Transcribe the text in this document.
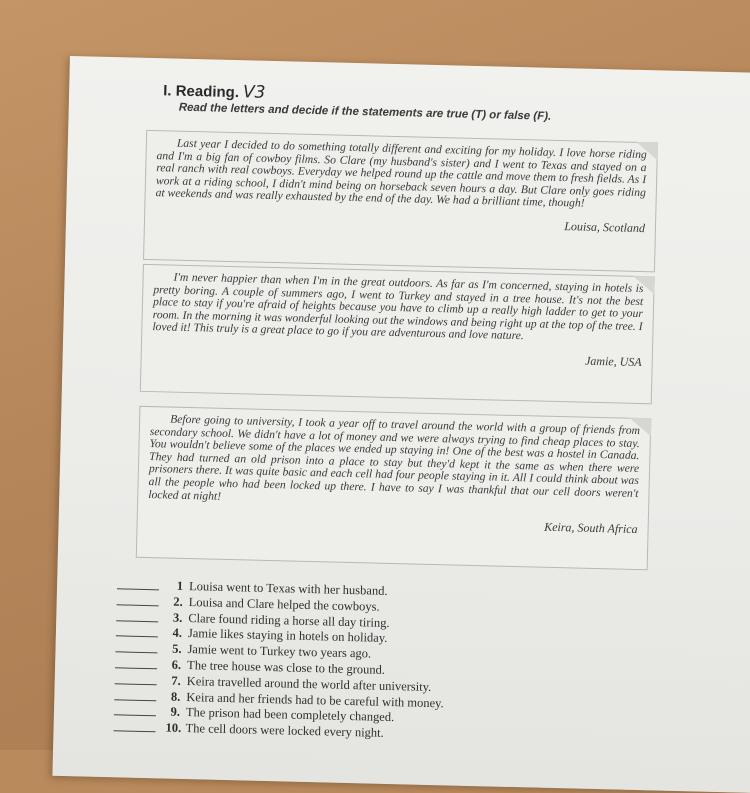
I. Reading. V3
Read the letters and decide if the statements are true (T) or false (F).

Last year I decided to do something totally different and exciting for my holiday. I love horse riding and I'm a big fan of cowboy films. So Clare (my husband's sister) and I went to Texas and stayed on a real ranch with real cowboys. Everyday we helped round up the cattle and move them to fresh fields. As I work at a riding school, I didn't mind being on horseback seven hours a day. But Clare only goes riding at weekends and was really exhausted by the end of the day. We had a brilliant time, though!

Louisa, Scotland

I'm never happier than when I'm in the great outdoors. As far as I'm concerned, staying in hotels is pretty boring. A couple of summers ago, I went to Turkey and stayed in a tree house. It's not the best place to stay if you're afraid of heights because you have to climb up a really high ladder to get to your room. In the morning it was wonderful looking out the windows and being right up at the top of the tree. I loved it! This truly is a great place to go if you are adventurous and love nature.

Jamie, USA

Before going to university, I took a year off to travel around the world with a group of friends from secondary school. We didn't have a lot of money and we were always trying to find cheap places to stay. You wouldn't believe some of the places we ended up staying in! One of the best was a hostel in Canada. They had turned an old prison into a place to stay but they'd kept it the same as when there were prisoners there. It was quite basic and each cell had four people staying in it. All I could think about was all the people who had been locked up there. I have to say I was thankful that our cell doors weren't locked at night!

Keira, South Africa
1 Louisa went to Texas with her husband.
2. Louisa and Clare helped the cowboys.
3. Clare found riding a horse all day tiring.
4. Jamie likes staying in hotels on holiday.
5. Jamie went to Turkey two years ago.
6. The tree house was close to the ground.
7. Keira travelled around the world after university.
8. Keira and her friends had to be careful with money.
9. The prison had been completely changed.
10. The cell doors were locked every night.
